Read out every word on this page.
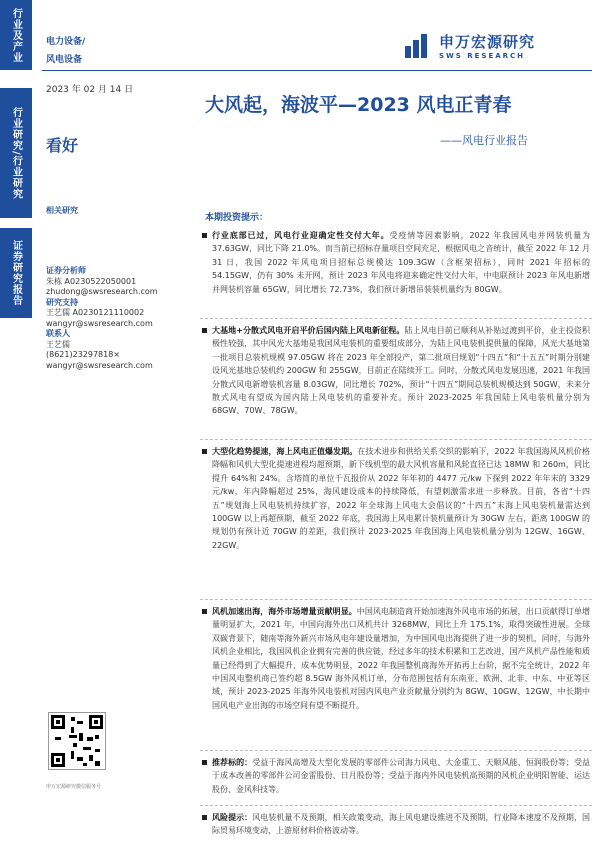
行业及产业
行业研究/行业研究
证券研究报告
电力设备/
风电设备
申万宏源研究
SWS RESEARCH
2023 年 02 月 14 日
大风起，海波平—2023 风电正青春
——风电行业报告
看好
相关研究
证券分析师
朱栋 A0230522050001
zhudong@swsresearch.com
研究支持
王艺儒 A0230121110002
wangyr@swsresearch.com
联系人
王艺儒
(8621)23297818×
wangyr@swsresearch.com
申万宏源研究微信服务号
本期投资提示：

行业底部已过，风电行业迎确定性交付大年。受疫情等因素影响，2022 年我国风电并网装机量为 37.63GW，同比下降 21.0%。而当前已招标存量项目空间充足，根据风电之音统计，截至 2022 年 12 月 31 日，我国 2022 年风电项目招标总规模达 109.3GW（含框架招标），同时 2021 年招标的 54.15GW，仍有 30% 未开网，预计 2023 年风电将迎来确定性交付大年，中电联预计 2023 年风电新增并网装机容量 65GW，同比增长 72.73%，我们预计新增吊装装机量约为 80GW。

大基地+分散式风电开启平价后国内陆上风电新征程。陆上风电目前已顺利从补贴过渡到平价，业主投资积极性较强，其中风光大基地是我国风电装机的重要组成部分，为陆上风电装机提供量的保障，风光大基地第一批项目总装机规模 97.05GW 将在 2023 年全部投产，第二批项目规划“十四五”和“十五五”时期分别建设风光基地总装机约 200GW 和 255GW，目前正在陆续开工。同时，分散式风电发展迅速，2021 年我国分散式风电新增装机容量 8.03GW，同比增长 702%，预计“十四五”期间总装机规模达到 50GW，未来分散式风电有望成为国内陆上风电装机的重要补充。预计 2023-2025 年我国陆上风电装机量分别为 68GW、70W、78GW。

大型化趋势提速，海上风电正值爆发期。在技术进步和供给关系交织的影响下，2022 年我国海风风机价格降幅和风机大型化提速进程均超预期，新下线机型的最大风机容量和风轮直径已达 18MW 和 260m，同比提升 64%和 24%。含塔筒的单位千瓦报价从 2022 年年初的 4477 元/kw 下探到 2022 年年末的 3329 元/kw，年内降幅超过 25%，海风建设成本的持续降低，有望刺激需求进一步释放。目前，各省“十四五”规划海上风电装机持续扩容，2022 年全球海上风电大会倡议的“十四五”末海上风电装机量需达到 100GW 以上再超预期，截至 2022 年底，我国海上风电累计装机量预计为 30GW 左右，距离 100GW 的规划仍有预计近 70GW 的差距，我们预计 2023-2025 年我国海上风电装机量分别为 12GW、16GW、22GW。

风机加速出海，海外市场增量贡献明显。中国风电制造商开始加速海外风电市场的拓展，出口贡献得订单增量明显扩大，2021 年，中国向海外出口风机共计 3268MW，同比上升 175.1%，取得突破性进展。全球双碳背景下，随南等海外新兴市场风电年建设量增加，为中国风电出海提供了进一步的契机，同时，与海外风机企业相比，我国风机企业拥有完善的供应链，经过多年的技术积累和工艺改进，国产风机产品性能和质量已经得到了大幅提升，成本优势明显，2022 年我国整机商海外开拓再上台阶，据不完全统计，2022 年中国风电整机商已签约超 8.5GW 海外风机订单，分布范围包括有东南亚、欧洲、北非、中东、中亚等区域，预计 2023-2025 年海外风电装机对国内风电产业贡献量分别约为 8GW、10GW、12GW，中长期中国风电产业出海的市场空间有望不断提升。

推荐标的：受益于海风高增及大型化发展的零部件公司海力风电、大金重工、天顺风能、恒润股份等；受益于成本改善的零部件公司金雷股份、日月股份等；受益于海内外风电装机高预期的风机企业明阳智能、运达股份、金风科技等。

风险提示：风电装机量不及预期，相关政策变动，海上风电建设推进不及预期，行业降本速度不及预期，国际贸易环境变动，上游原材料价格波动等。
